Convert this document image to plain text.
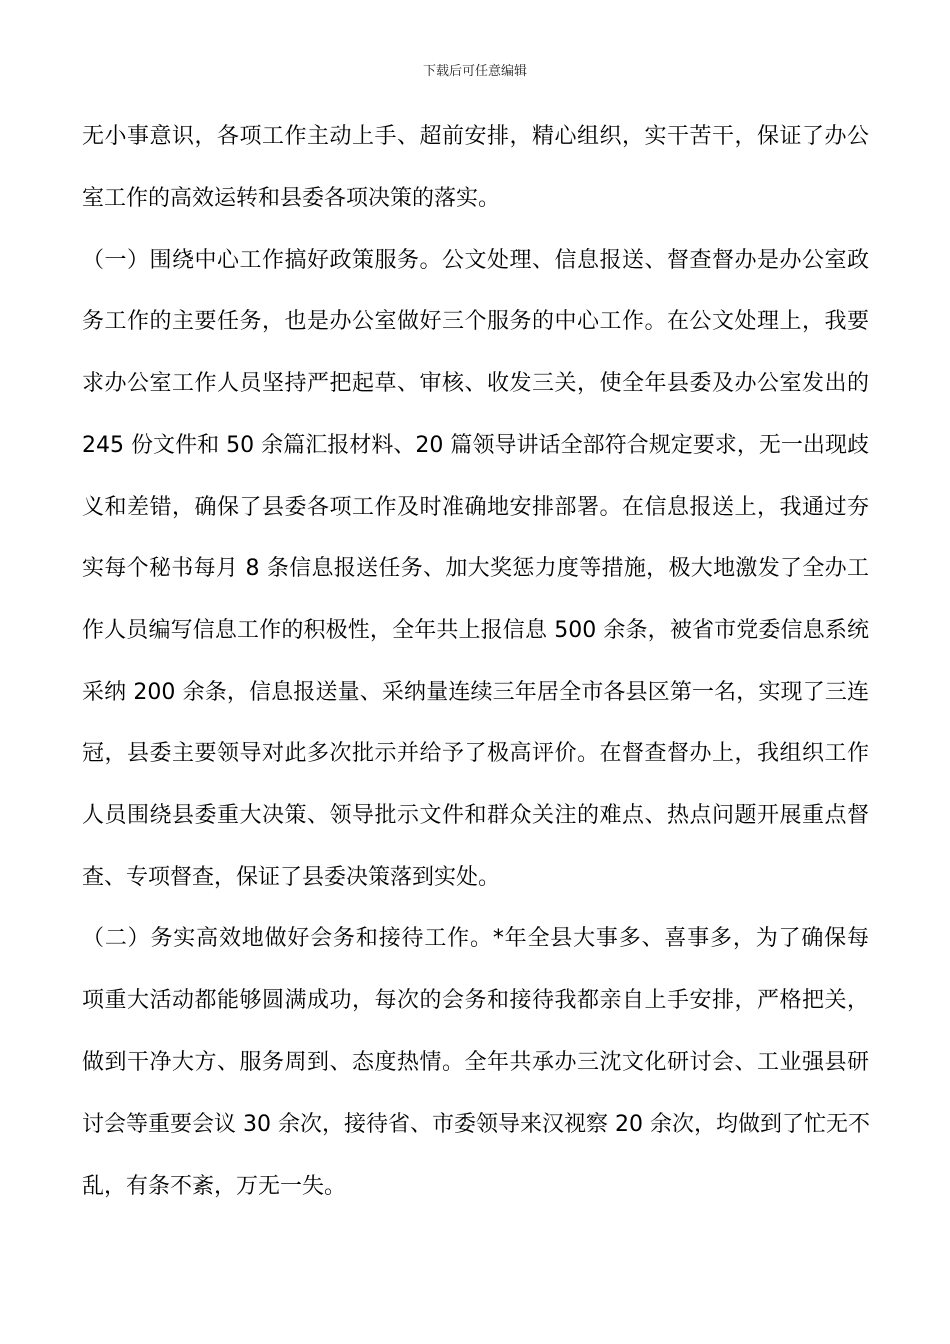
下载后可任意编辑
无小事意识，各项工作主动上手、超前安排，精心组织，实干苦干，保证了办公
室工作的高效运转和县委各项决策的落实。
（一）围绕中心工作搞好政策服务。公文处理、信息报送、督查督办是办公室政
务工作的主要任务，也是办公室做好三个服务的中心工作。在公文处理上，我要
求办公室工作人员坚持严把起草、审核、收发三关，使全年县委及办公室发出的
245 份文件和 50 余篇汇报材料、20 篇领导讲话全部符合规定要求，无一出现歧
义和差错，确保了县委各项工作及时准确地安排部署。在信息报送上，我通过夯
实每个秘书每月 8 条信息报送任务、加大奖惩力度等措施，极大地激发了全办工
作人员编写信息工作的积极性，全年共上报信息 500 余条，被省市党委信息系统
采纳 200 余条，信息报送量、采纳量连续三年居全市各县区第一名，实现了三连
冠，县委主要领导对此多次批示并给予了极高评价。在督查督办上，我组织工作
人员围绕县委重大决策、领导批示文件和群众关注的难点、热点问题开展重点督
查、专项督查，保证了县委决策落到实处。
（二）务实高效地做好会务和接待工作。*年全县大事多、喜事多，为了确保每
项重大活动都能够圆满成功，每次的会务和接待我都亲自上手安排，严格把关，
做到干净大方、服务周到、态度热情。全年共承办三沈文化研讨会、工业强县研
讨会等重要会议 30 余次，接待省、市委领导来汉视察 20 余次，均做到了忙无不
乱，有条不紊，万无一失。
